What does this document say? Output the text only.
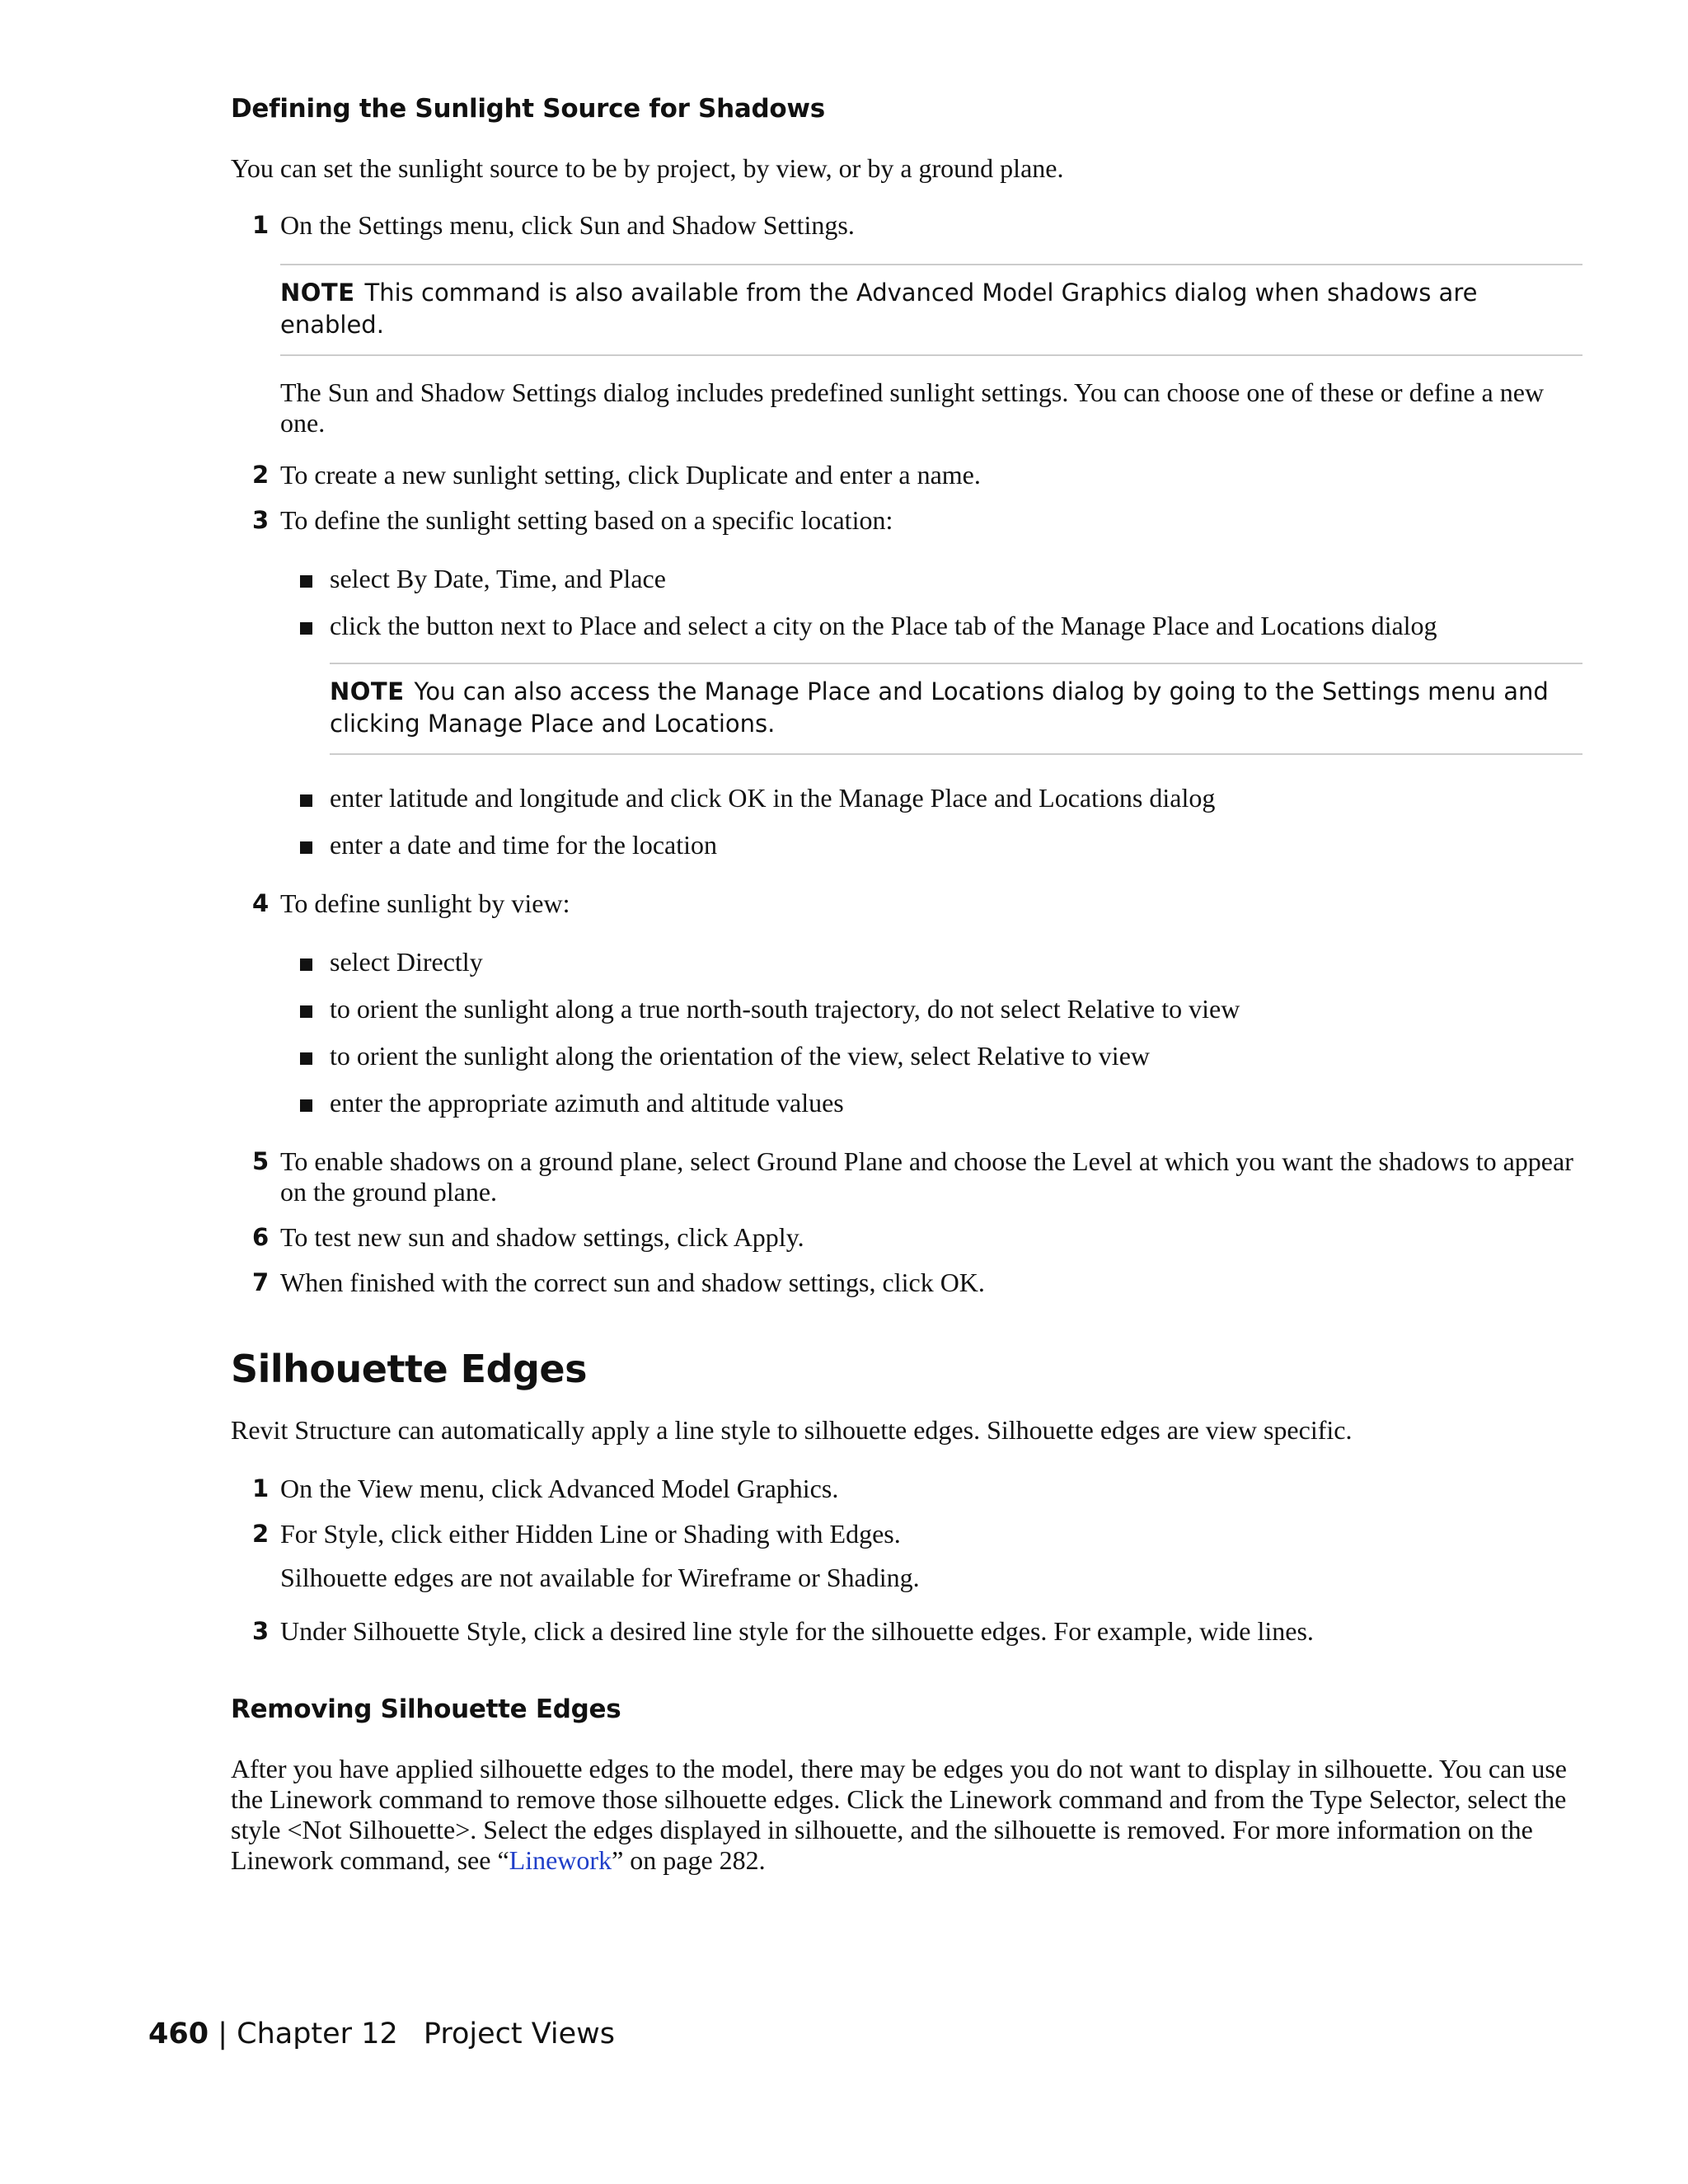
Defining the Sunlight Source for Shadows

You can set the sunlight source to be by project, by view, or by a ground plane.

1 On the Settings menu, click Sun and Shadow Settings.
NOTE This command is also available from the Advanced Model Graphics dialog when shadows are enabled.

The Sun and Shadow Settings dialog includes predefined sunlight settings. You can choose one of these or define a new one.

2 To create a new sunlight setting, click Duplicate and enter a name.
3 To define the sunlight setting based on a specific location:
select By Date, Time, and Place
click the button next to Place and select a city on the Place tab of the Manage Place and Locations dialog
NOTE You can also access the Manage Place and Locations dialog by going to the Settings menu and clicking Manage Place and Locations.
enter latitude and longitude and click OK in the Manage Place and Locations dialog
enter a date and time for the location
4 To define sunlight by view:
select Directly
to orient the sunlight along a true north-south trajectory, do not select Relative to view
to orient the sunlight along the orientation of the view, select Relative to view
enter the appropriate azimuth and altitude values
5 To enable shadows on a ground plane, select Ground Plane and choose the Level at which you want the shadows to appear on the ground plane.
6 To test new sun and shadow settings, click Apply.
7 When finished with the correct sun and shadow settings, click OK.
Silhouette Edges

Revit Structure can automatically apply a line style to silhouette edges. Silhouette edges are view specific.

1 On the View menu, click Advanced Model Graphics.
2 For Style, click either Hidden Line or Shading with Edges.

Silhouette edges are not available for Wireframe or Shading.

3 Under Silhouette Style, click a desired line style for the silhouette edges. For example, wide lines.
Removing Silhouette Edges

After you have applied silhouette edges to the model, there may be edges you do not want to display in silhouette. You can use the Linework command to remove those silhouette edges. Click the Linework command and from the Type Selector, select the style <Not Silhouette>. Select the edges displayed in silhouette, and the silhouette is removed. For more information on the Linework command, see “Linework” on page 282.

460 | Chapter 12 Project Views
